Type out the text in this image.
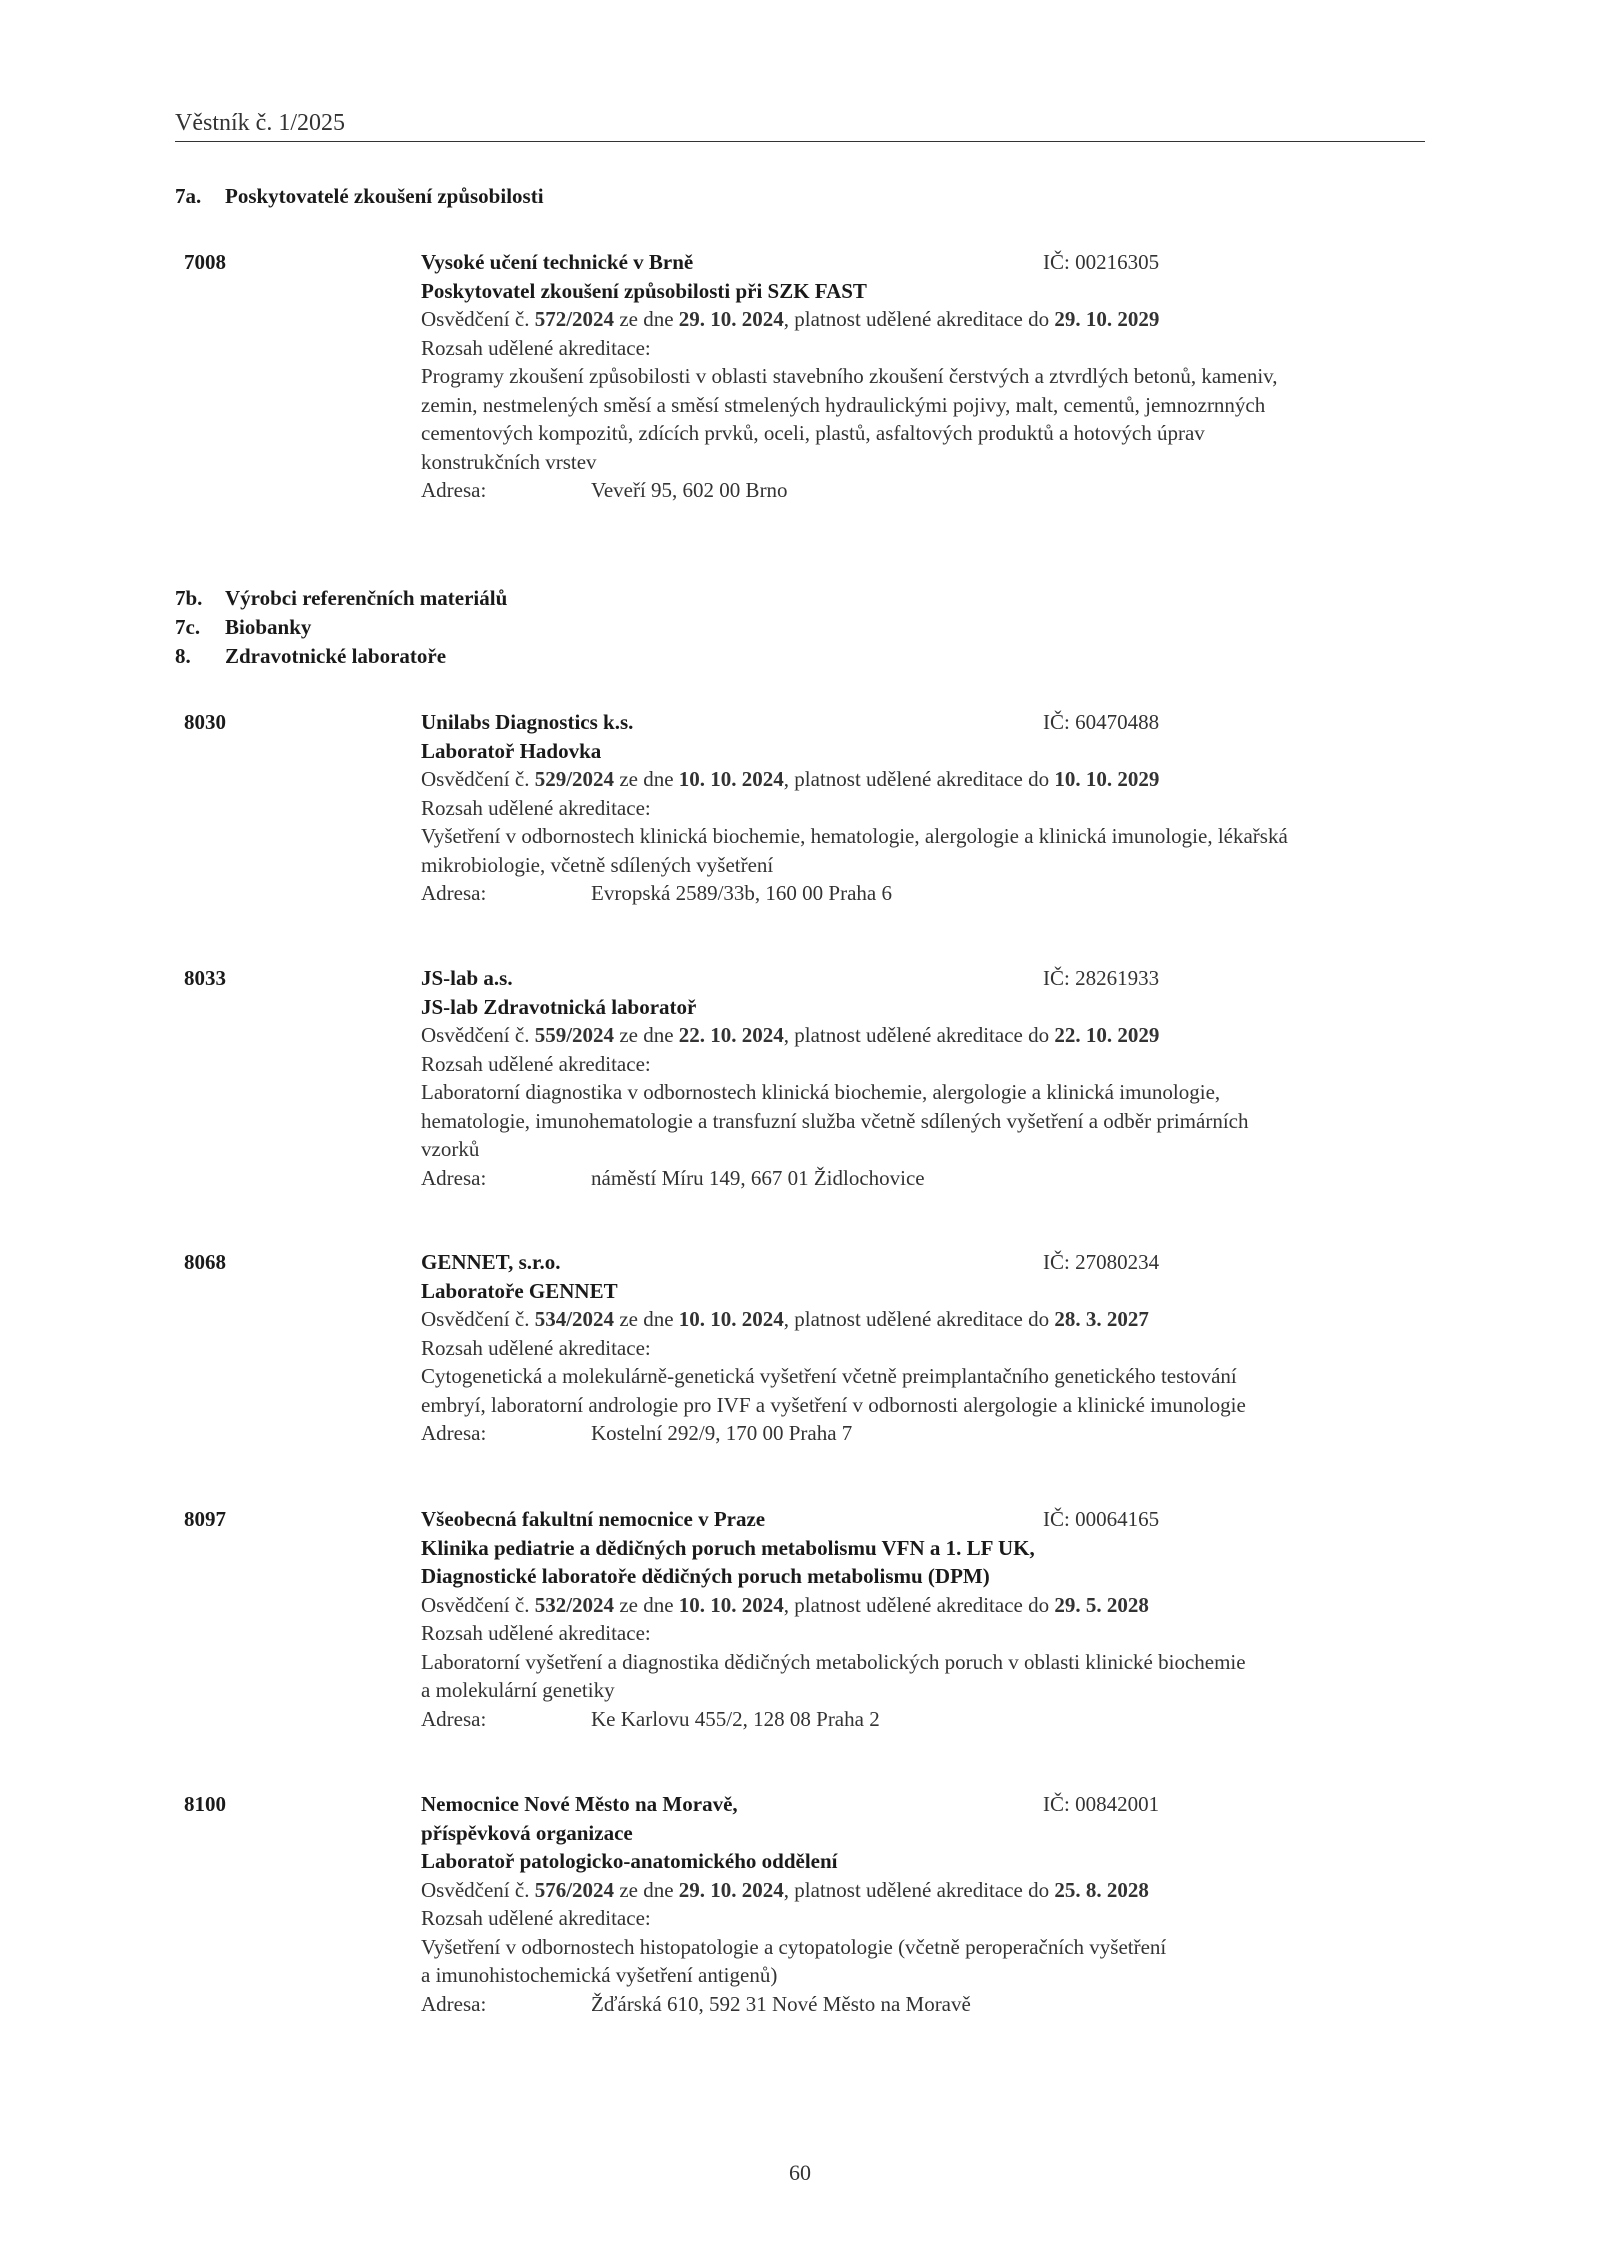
Věstník č. 1/2025
7a. Poskytovatelé zkoušení způsobilosti
7008	Vysoké učení technické v Brně	IČ: 00216305
Poskytovatel zkoušení způsobilosti při SZK FAST
Osvědčení č. 572/2024 ze dne 29. 10. 2024, platnost udělené akreditace do 29. 10. 2029
Rozsah udělené akreditace:
Programy zkoušení způsobilosti v oblasti stavebního zkoušení čerstvých a ztvrdlých betonů, kameniv,
zemin, nestmelených směsí a směsí stmelených hydraulickými pojivy, malt, cementů, jemnozrnných
cementových kompozitů, zdících prvků, oceli, plastů, asfaltových produktů a hotových úprav
konstrukčních vrstev
Adresa:	Veveří 95, 602 00 Brno
7b. Výrobci referenčních materiálů
7c. Biobanky
8. Zdravotnické laboratoře
8030	Unilabs Diagnostics k.s.	IČ: 60470488
Laboratoř Hadovka
Osvědčení č. 529/2024 ze dne 10. 10. 2024, platnost udělené akreditace do 10. 10. 2029
Rozsah udělené akreditace:
Vyšetření v odbornostech klinická biochemie, hematologie, alergologie a klinická imunologie, lékařská
mikrobiologie, včetně sdílených vyšetření
Adresa:	Evropská 2589/33b, 160 00 Praha 6
8033	JS-lab a.s.	IČ: 28261933
JS-lab Zdravotnická laboratoř
Osvědčení č. 559/2024 ze dne 22. 10. 2024, platnost udělené akreditace do 22. 10. 2029
Rozsah udělené akreditace:
Laboratorní diagnostika v odbornostech klinická biochemie, alergologie a klinická imunologie,
hematologie, imunohematologie a transfuzní služba včetně sdílených vyšetření a odběr primárních
vzorků
Adresa:	náměstí Míru 149, 667 01 Židlochovice
8068	GENNET, s.r.o.	IČ: 27080234
Laboratoře GENNET
Osvědčení č. 534/2024 ze dne 10. 10. 2024, platnost udělené akreditace do 28. 3. 2027
Rozsah udělené akreditace:
Cytogenetická a molekulárně-genetická vyšetření včetně preimplantačního genetického testování
embryí, laboratorní andrologie pro IVF a vyšetření v odbornosti alergologie a klinické imunologie
Adresa:	Kostelní 292/9, 170 00 Praha 7
8097	Všeobecná fakultní nemocnice v Praze	IČ: 00064165
Klinika pediatrie a dědičných poruch metabolismu VFN a 1. LF UK,
Diagnostické laboratoře dědičných poruch metabolismu (DPM)
Osvědčení č. 532/2024 ze dne 10. 10. 2024, platnost udělené akreditace do 29. 5. 2028
Rozsah udělené akreditace:
Laboratorní vyšetření a diagnostika dědičných metabolických poruch v oblasti klinické biochemie
a molekulární genetiky
Adresa:	Ke Karlovu 455/2, 128 08 Praha 2
8100	Nemocnice Nové Město na Moravě,	IČ: 00842001
příspěvková organizace
Laboratoř patologicko-anatomického oddělení
Osvědčení č. 576/2024 ze dne 29. 10. 2024, platnost udělené akreditace do 25. 8. 2028
Rozsah udělené akreditace:
Vyšetření v odbornostech histopatologie a cytopatologie (včetně peroperačních vyšetření
a imunohistochemická vyšetření antigenů)
Adresa:	Žďárská 610, 592 31 Nové Město na Moravě
60
